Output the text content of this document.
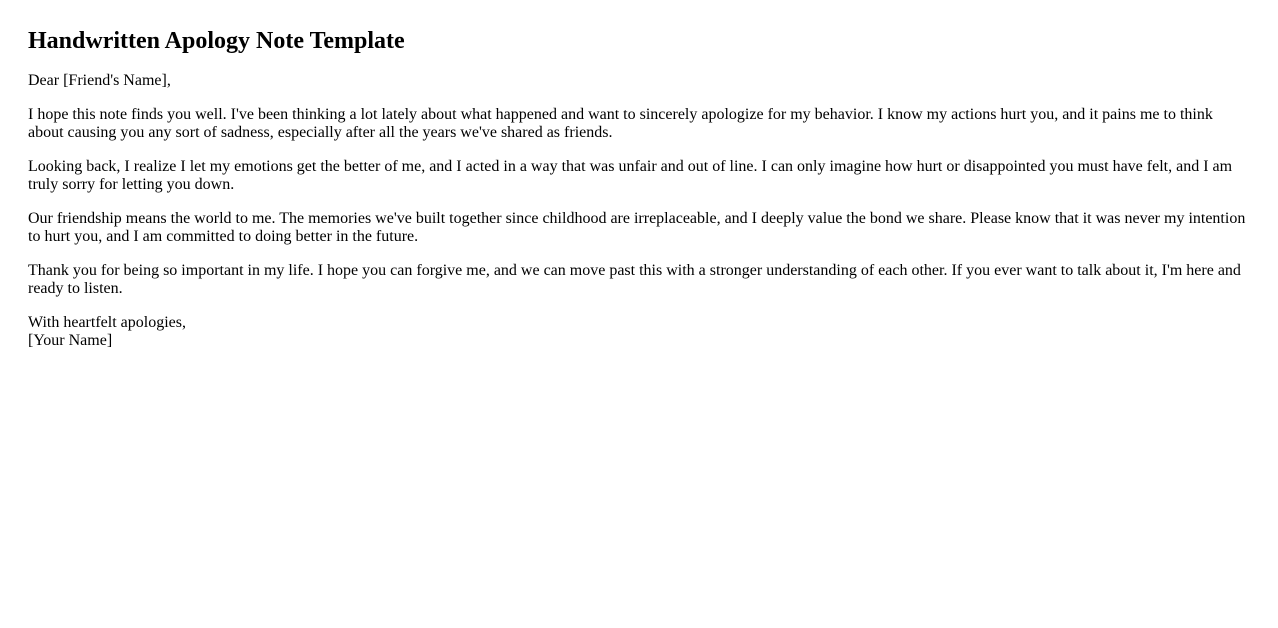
Handwritten Apology Note Template

Dear [Friend's Name],

I hope this note finds you well. I've been thinking a lot lately about what happened and want to sincerely apologize for my behavior. I know my actions hurt you, and it pains me to think about causing you any sort of sadness, especially after all the years we've shared as friends.

Looking back, I realize I let my emotions get the better of me, and I acted in a way that was unfair and out of line. I can only imagine how hurt or disappointed you must have felt, and I am truly sorry for letting you down.

Our friendship means the world to me. The memories we've built together since childhood are irreplaceable, and I deeply value the bond we share. Please know that it was never my intention to hurt you, and I am committed to doing better in the future.

Thank you for being so important in my life. I hope you can forgive me, and we can move past this with a stronger understanding of each other. If you ever want to talk about it, I'm here and ready to listen.

With heartfelt apologies,
[Your Name]
